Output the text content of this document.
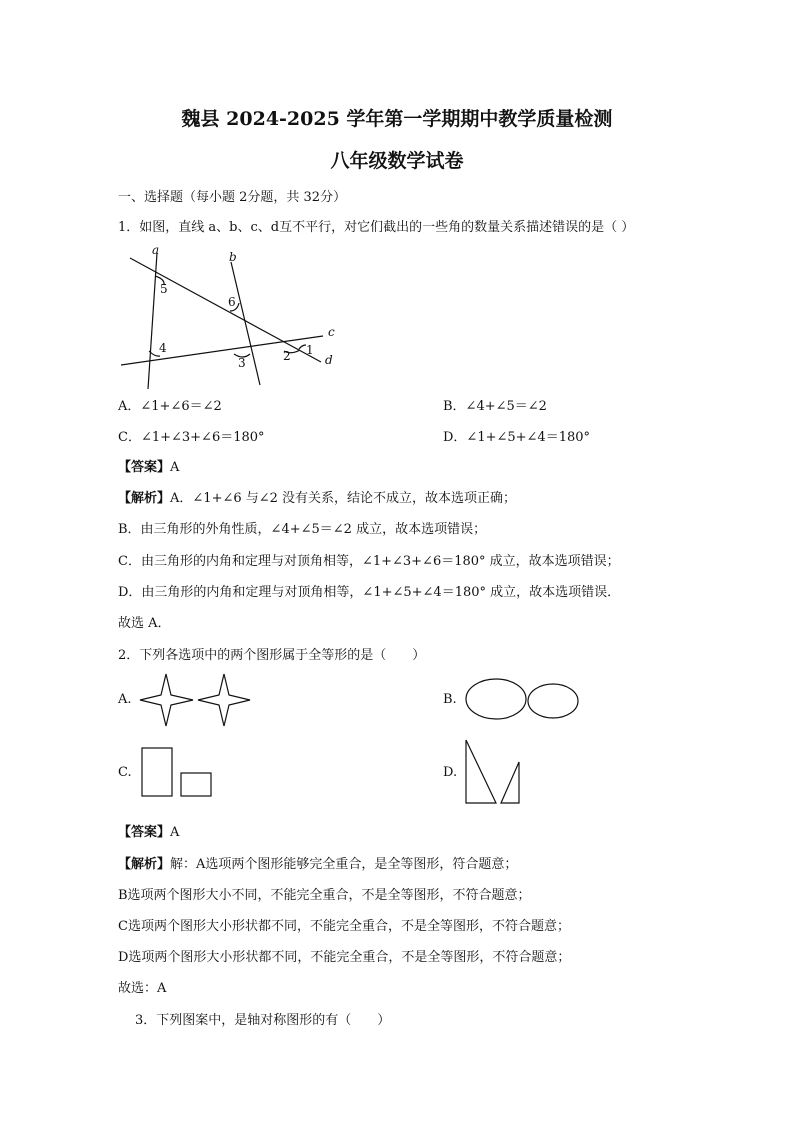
魏县 2024-2025 学年第一学期期中教学质量检测
八年级数学试卷
一、选择题（每小题 2分题，共 32分）
1．如图，直线 a、b、c、d互不平行，对它们截出的一些角的数量关系描述错误的是（ ）
a	b
c
d
1
2
3
4
5
6
A．∠1+∠6＝∠2	B．∠4+∠5＝∠2
C．∠1+∠3+∠6＝180°	D．∠1+∠5+∠4＝180°
【答案】A
【解析】A．∠1+∠6 与∠2 没有关系，结论不成立，故本选项正确；
B．由三角形的外角性质，∠4+∠5＝∠2 成立，故本选项错误；
C．由三角形的内角和定理与对顶角相等，∠1+∠3+∠6＝180° 成立，故本选项错误；
D．由三角形的内角和定理与对顶角相等，∠1+∠5+∠4＝180° 成立，故本选项错误．
故选 A．
2．下列各选项中的两个图形属于全等形的是（　　）
A.	B.
C.	D.
【答案】A
【解析】解：A选项两个图形能够完全重合，是全等图形，符合题意；
B选项两个图形大小不同，不能完全重合，不是全等图形，不符合题意；
C选项两个图形大小形状都不同，不能完全重合，不是全等图形，不符合题意；
D选项两个图形大小形状都不同，不能完全重合，不是全等图形，不符合题意；
故选：A
3．下列图案中，是轴对称图形的有（　　）
